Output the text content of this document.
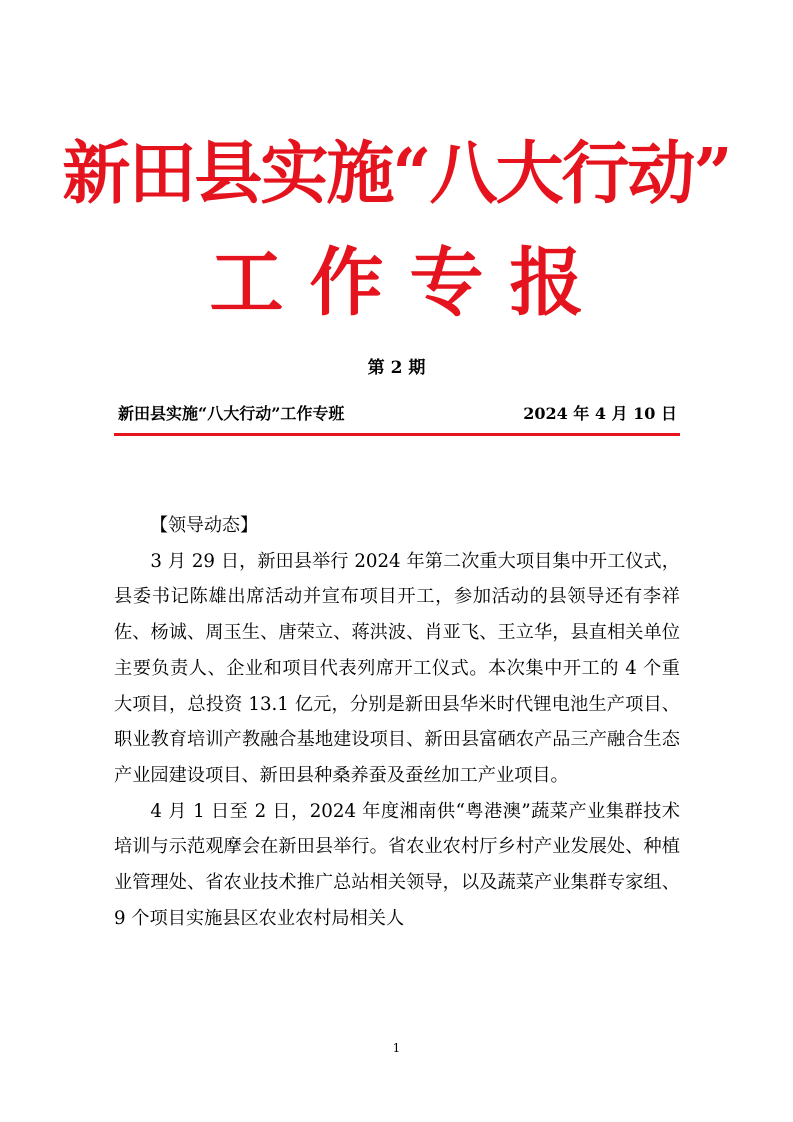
新田县实施“八大行动”
工作专报
第 2 期
新田县实施“八大行动”工作专班	2024 年 4 月 10 日
【领导动态】

3 月 29 日，新田县举行 2024 年第二次重大项目集中开工仪式，县委书记陈雄出席活动并宣布项目开工，参加活动的县领导还有李祥佐、杨诚、周玉生、唐荣立、蒋洪波、肖亚飞、王立华，县直相关单位主要负责人、企业和项目代表列席开工仪式。本次集中开工的 4 个重大项目，总投资 13.1 亿元，分别是新田县华米时代锂电池生产项目、职业教育培训产教融合基地建设项目、新田县富硒农产品三产融合生态产业园建设项目、新田县种桑养蚕及蚕丝加工产业项目。

4 月 1 日至 2 日，2024 年度湘南供“粤港澳”蔬菜产业集群技术培训与示范观摩会在新田县举行。省农业农村厅乡村产业发展处、种植业管理处、省农业技术推广总站相关领导，以及蔬菜产业集群专家组、9 个项目实施县区农业农村局相关人

1
